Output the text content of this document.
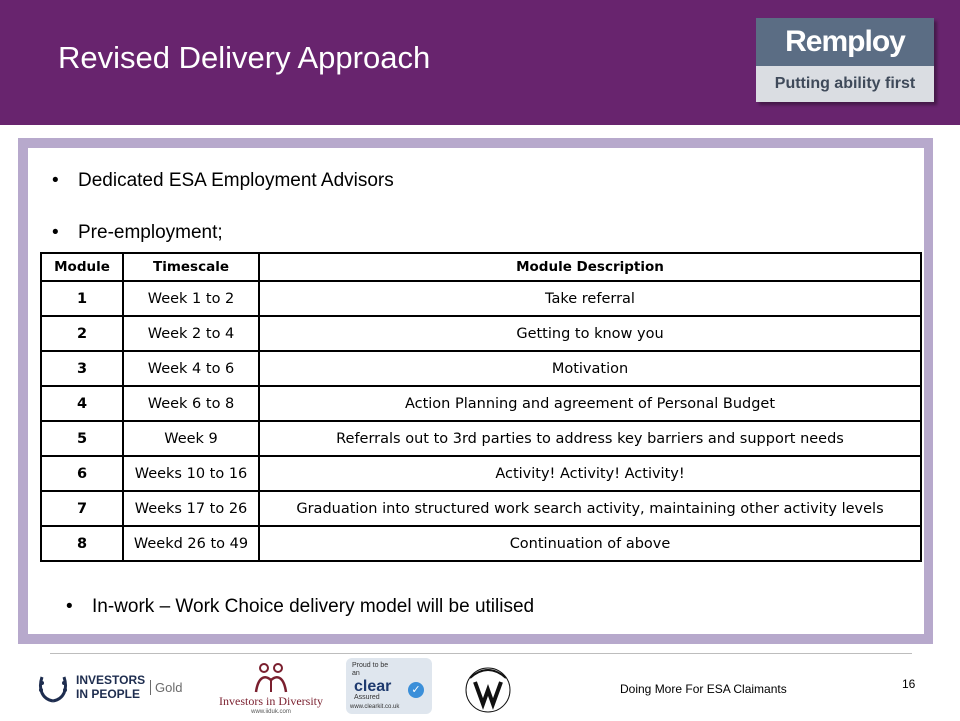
Revised Delivery Approach	Remploy
Putting ability first
• Dedicated ESA Employment Advisors
• Pre-employment;
Module	Timescale	Module Description
1	Week 1 to 2	Take referral
2	Week 2 to 4	Getting to know you
3	Week 4 to 6	Motivation
4	Week 6 to 8	Action Planning and agreement of Personal Budget
5	Week 9	Referrals out to 3rd parties to address key barriers and support needs
6	Weeks 10 to 16	Activity! Activity! Activity!
7	Weeks 17 to 26	Graduation into structured work search activity, maintaining other activity levels
8	Weekd 26 to 49	Continuation of above
• In-work – Work Choice delivery model will be utilised
INVESTORS
IN PEOPLE	Gold
Investors in Diversity
www.iiduk.com
Proud to be
an
clear
Assured
www.clearkit.co.uk
✓	Doing More For ESA Claimants	16
